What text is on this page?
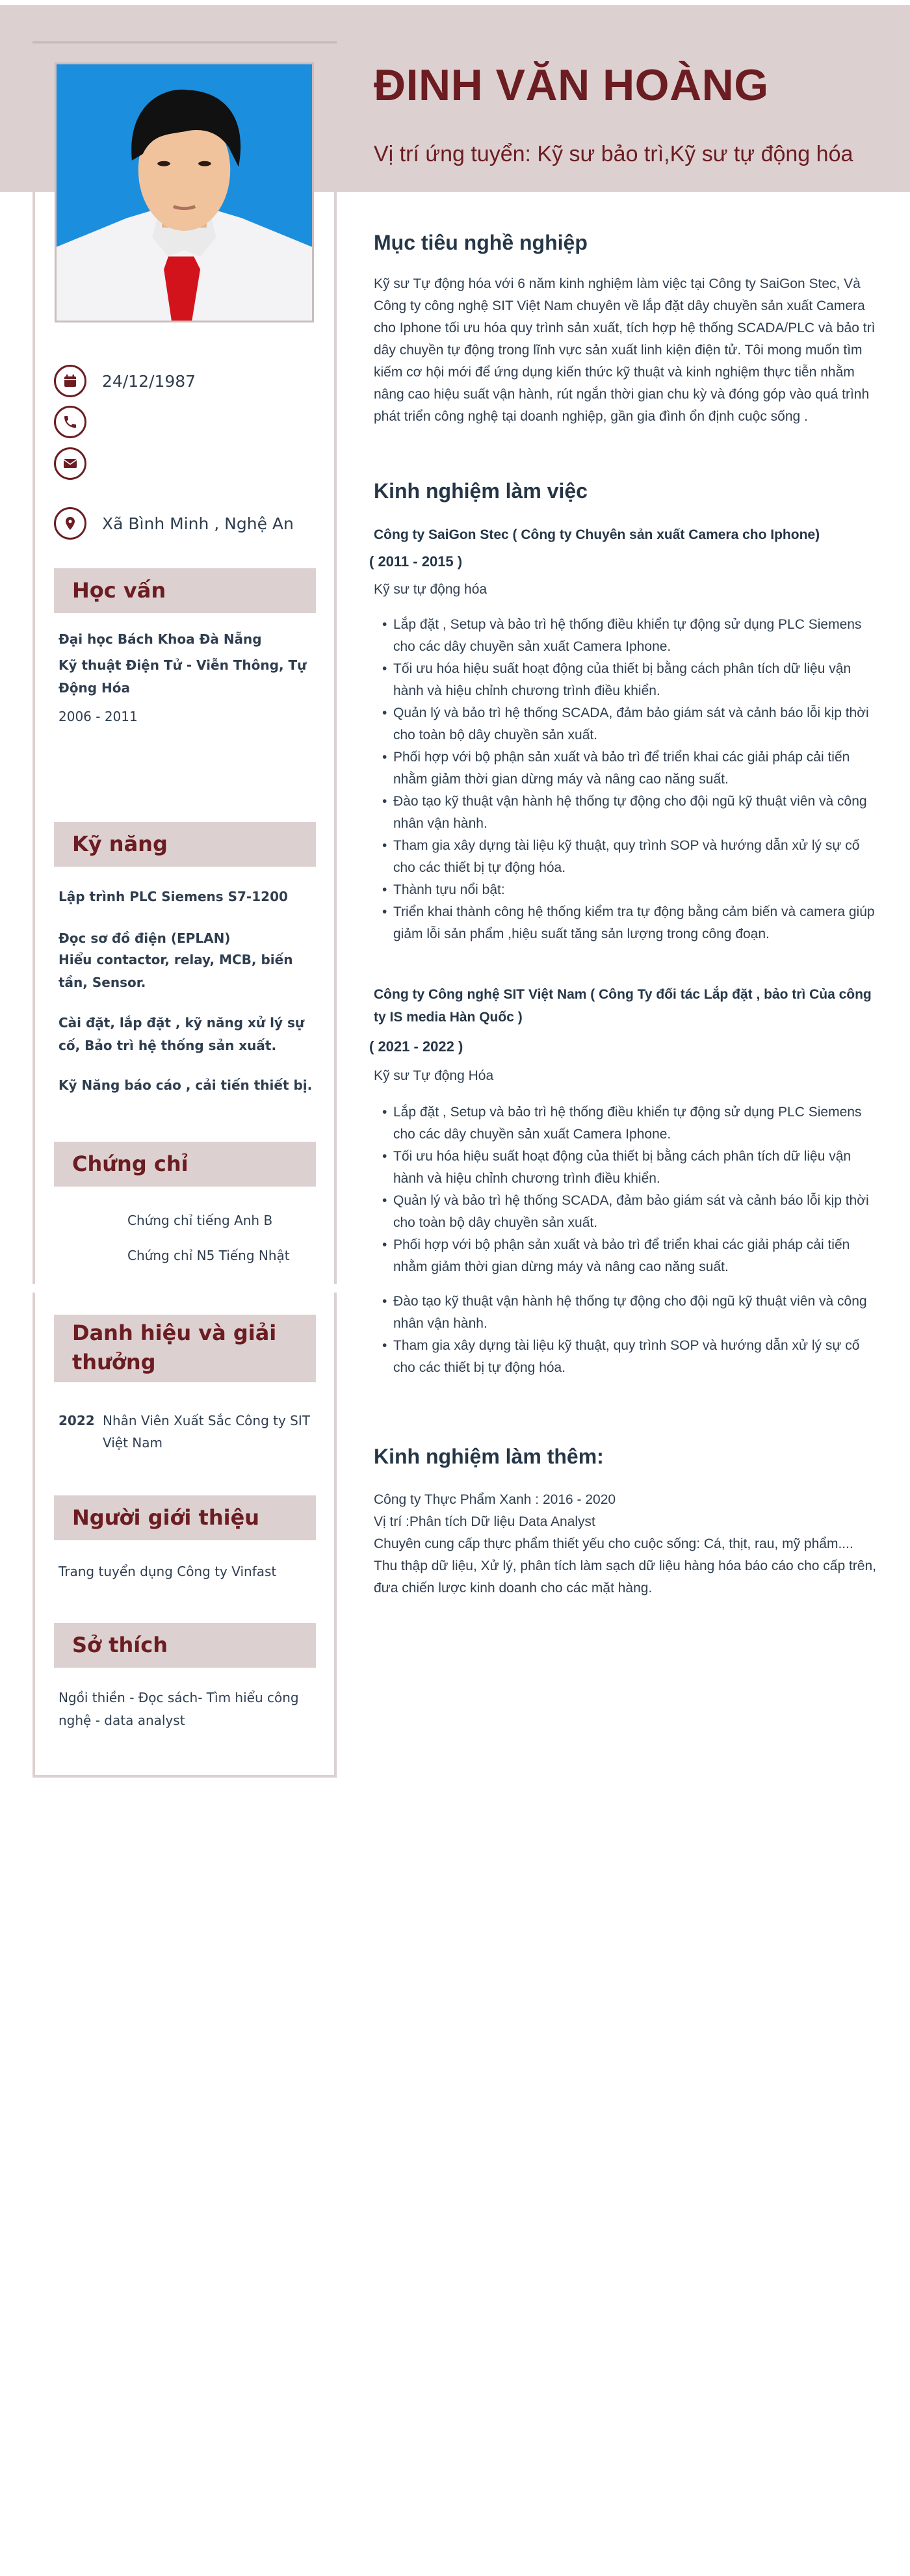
ĐINH VĂN HOÀNG
Vị trí ứng tuyển: Kỹ sư bảo trì,Kỹ sư tự động hóa
24/12/1987
Xã Bình Minh , Nghệ An
Học vấn
Đại học Bách Khoa Đà Nẵng
Kỹ thuật Điện Tử - Viễn Thông, Tự Động Hóa
2006 - 2011
Kỹ năng
Lập trình PLC Siemens S7-1200
Đọc sơ đồ điện (EPLAN)
Hiểu contactor, relay, MCB, biến tần, Sensor.
Cài đặt, lắp đặt , kỹ năng xử lý sự cố, Bảo trì hệ thống sản xuất.
Kỹ Năng báo cáo , cải tiến thiết bị.
Chứng chỉ
Chứng chỉ tiếng Anh B
Chứng chỉ N5 Tiếng Nhật
Danh hiệu và giải thưởng
2022 Nhân Viên Xuất Sắc Công ty SIT Việt Nam
Người giới thiệu
Trang tuyển dụng Công ty Vinfast
Sở thích
Ngồi thiền - Đọc sách- Tìm hiểu công nghệ - data analyst
Mục tiêu nghề nghiệp
Kỹ sư Tự động hóa với 6 năm kinh nghiệm làm việc tại Công ty SaiGon Stec, Và Công ty công nghệ SIT Việt Nam chuyên về lắp đặt dây chuyền sản xuất Camera cho Iphone tối ưu hóa quy trình sản xuất, tích hợp hệ thống SCADA/PLC và bảo trì dây chuyền tự động trong lĩnh vực sản xuất linh kiện điện tử. Tôi mong muốn tìm kiếm cơ hội mới để ứng dụng kiến thức kỹ thuật và kinh nghiệm thực tiễn nhằm nâng cao hiệu suất vận hành, rút ngắn thời gian chu kỳ và đóng góp vào quá trình phát triển công nghệ tại doanh nghiệp, gần gia đình ổn định cuộc sống .
Kinh nghiệm làm việc
Công ty SaiGon Stec ( Công ty Chuyên sản xuất Camera cho Iphone)
( 2011 - 2015 )
Kỹ sư tự động hóa
• Lắp đặt , Setup và bảo trì hệ thống điều khiển tự động sử dụng PLC Siemens cho các dây chuyền sản xuất Camera Iphone.
• Tối ưu hóa hiệu suất hoạt động của thiết bị bằng cách phân tích dữ liệu vận hành và hiệu chỉnh chương trình điều khiển.
• Quản lý và bảo trì hệ thống SCADA, đảm bảo giám sát và cảnh báo lỗi kịp thời cho toàn bộ dây chuyền sản xuất.
• Phối hợp với bộ phận sản xuất và bảo trì để triển khai các giải pháp cải tiến nhằm giảm thời gian dừng máy và nâng cao năng suất.
• Đào tạo kỹ thuật vận hành hệ thống tự động cho đội ngũ kỹ thuật viên và công nhân vận hành.
• Tham gia xây dựng tài liệu kỹ thuật, quy trình SOP và hướng dẫn xử lý sự cố cho các thiết bị tự động hóa.
• Thành tựu nổi bật:
• Triển khai thành công hệ thống kiểm tra tự động bằng cảm biến và camera giúp giảm lỗi sản phẩm ,hiệu suất tăng sản lượng trong công đoạn.
Công ty Công nghệ SIT Việt Nam ( Công Ty đối tác Lắp đặt , bảo trì Của công ty IS media Hàn Quốc )
( 2021 - 2022 )
Kỹ sư Tự động Hóa
• Lắp đặt , Setup và bảo trì hệ thống điều khiển tự động sử dụng PLC Siemens cho các dây chuyền sản xuất Camera Iphone.
• Tối ưu hóa hiệu suất hoạt động của thiết bị bằng cách phân tích dữ liệu vận hành và hiệu chỉnh chương trình điều khiển.
• Quản lý và bảo trì hệ thống SCADA, đảm bảo giám sát và cảnh báo lỗi kịp thời cho toàn bộ dây chuyền sản xuất.
• Phối hợp với bộ phận sản xuất và bảo trì để triển khai các giải pháp cải tiến nhằm giảm thời gian dừng máy và nâng cao năng suất.
• Đào tạo kỹ thuật vận hành hệ thống tự động cho đội ngũ kỹ thuật viên và công nhân vận hành.
• Tham gia xây dựng tài liệu kỹ thuật, quy trình SOP và hướng dẫn xử lý sự cố cho các thiết bị tự động hóa.
Kinh nghiệm làm thêm:
Công ty Thực Phẩm Xanh : 2016 - 2020
Vị trí :Phân tích Dữ liệu Data Analyst
Chuyên cung cấp thực phẩm thiết yếu cho cuộc sống: Cá, thịt, rau, mỹ phẩm....
Thu thập dữ liệu, Xử lý, phân tích làm sạch dữ liệu hàng hóa báo cáo cho cấp trên, đưa chiến lược kinh doanh cho các mặt hàng.
